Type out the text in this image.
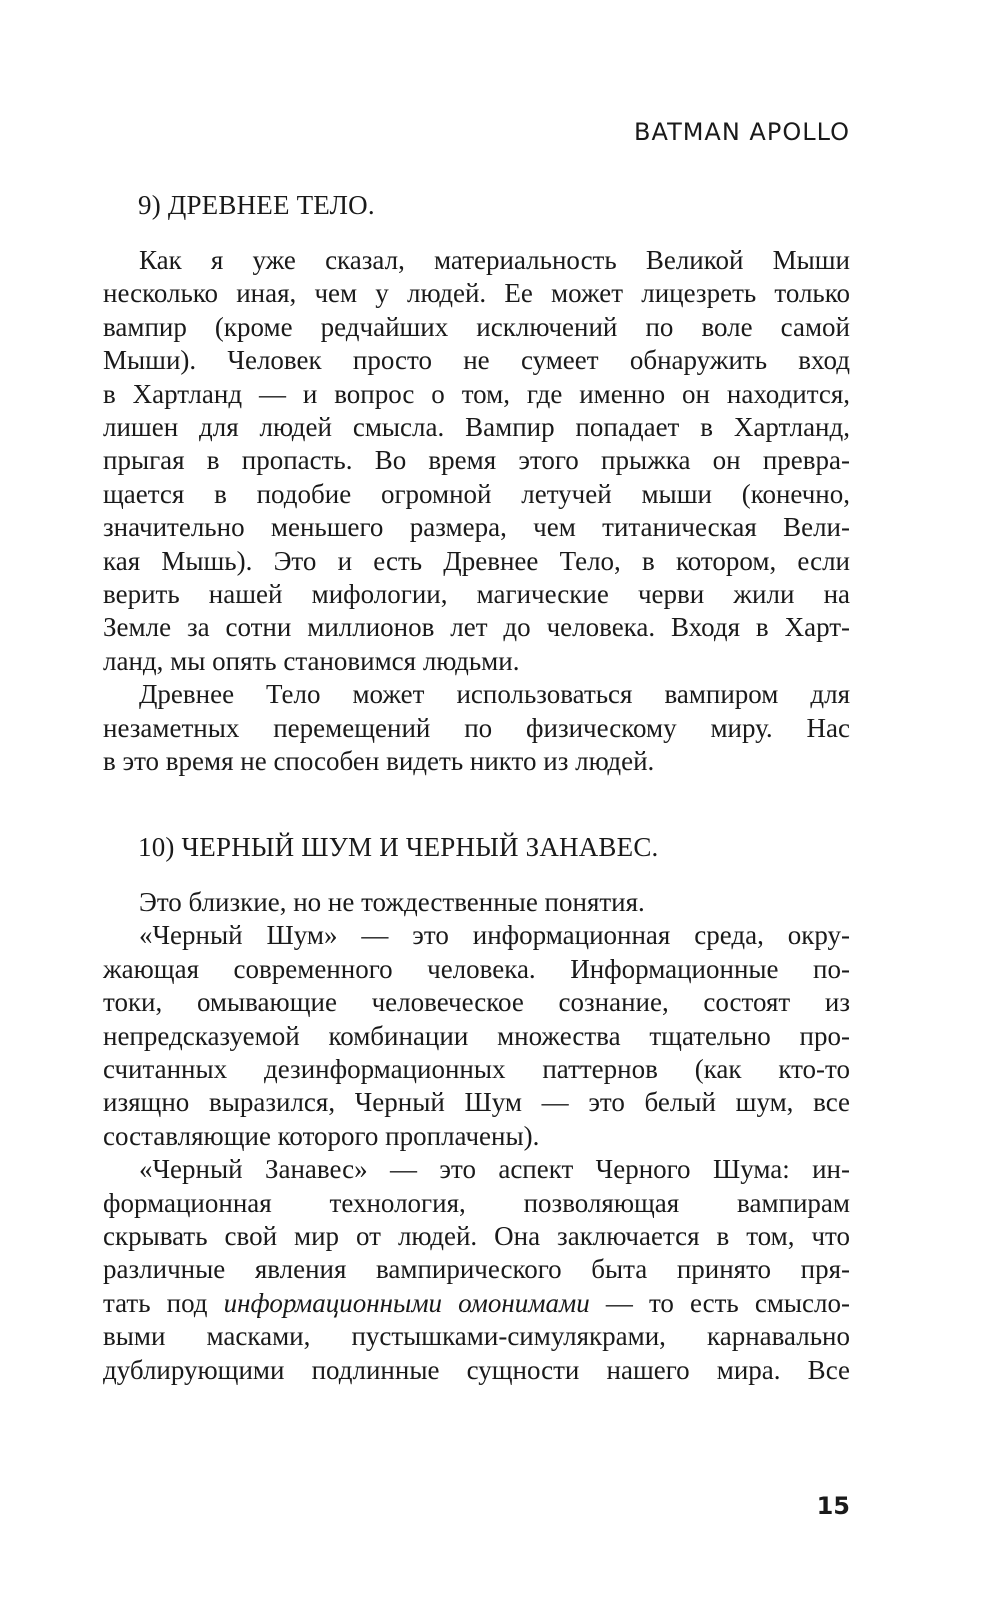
BATMAN APOLLO
9) ДРЕВНЕЕ ТЕЛО.

Как я уже сказал, материальность Великой Мыши
несколько иная, чем у людей. Ее может лицезреть только
вампир (кроме редчайших исключений по воле самой
Мыши). Человек просто не сумеет обнаружить вход
в Хартланд — и вопрос о том, где именно он находится,
лишен для людей смысла. Вампир попадает в Хартланд,
прыгая в пропасть. Во время этого прыжка он превра-
щается в подобие огромной летучей мыши (конечно,
значительно меньшего размера, чем титаническая Вели-
кая Мышь). Это и есть Древнее Тело, в котором, если
верить нашей мифологии, магические черви жили на
Земле за сотни миллионов лет до человека. Входя в Харт-
ланд, мы опять становимся людьми.

Древнее Тело может использоваться вампиром для
незаметных перемещений по физическому миру. Нас
в это время не способен видеть никто из людей.

10) ЧЕРНЫЙ ШУМ И ЧЕРНЫЙ ЗАНАВЕС.

Это близкие, но не тождественные понятия.

«Черный Шум» — это информационная среда, окру-
жающая современного человека. Информационные по-
токи, омывающие человеческое сознание, состоят из
непредсказуемой комбинации множества тщательно про-
считанных дезинформационных паттернов (как кто-то
изящно выразился, Черный Шум — это белый шум, все
составляющие которого проплачены).

«Черный Занавес» — это аспект Черного Шума: ин-
формационная технология, позволяющая вампирам
скрывать свой мир от людей. Она заключается в том, что
различные явления вампирического быта принято пря-
тать под информационными омонимами — то есть смысло-
выми масками, пустышками-симулякрами, карнавально
дублирующими подлинные сущности нашего мира. Все

15
